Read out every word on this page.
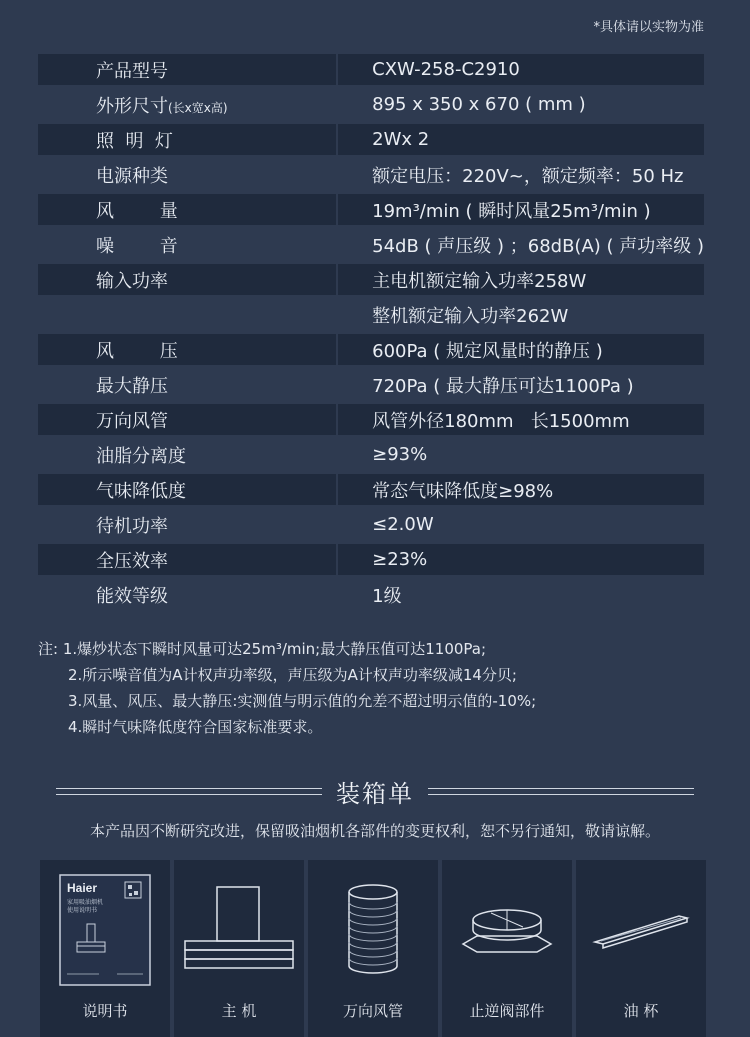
*具体请以实物为准
产品型号	CXW-258-C2910
外形尺寸(长x宽x高)	895 x 350 x 670 ( mm )
照  明  灯	2Wx 2
电源种类	额定电压：220V~，额定频率：50 Hz
风        量	19m³/min ( 瞬时风量25m³/min )
噪        音	54dB ( 声压级 ) ；68dB(A) ( 声功率级 )
输入功率	主电机额定输入功率258W
	整机额定输入功率262W
风        压	600Pa ( 规定风量时的静压 )
最大静压	720Pa ( 最大静压可达1100Pa )
万向风管	风管外径180mm   长1500mm
油脂分离度	≥93%
气味降低度	常态气味降低度≥98%
待机功率	≤2.0W
全压效率	≥23%
能效等级	1级
注: 1.爆炒状态下瞬时风量可达25m³/min;最大静压值可达1100Pa;
2.所示噪音值为A计权声功率级，声压级为A计权声功率级减14分贝;
3.风量、风压、最大静压:实测值与明示值的允差不超过明示值的-10%;
4.瞬时气味降低度符合国家标准要求。
装箱单
本产品因不断研究改进，保留吸油烟机各部件的变更权利，恕不另行通知，敬请谅解。
Haier
家用吸油烟机
使用说明书
说明书	主 机	万向风管	止逆阀部件	油 杯
